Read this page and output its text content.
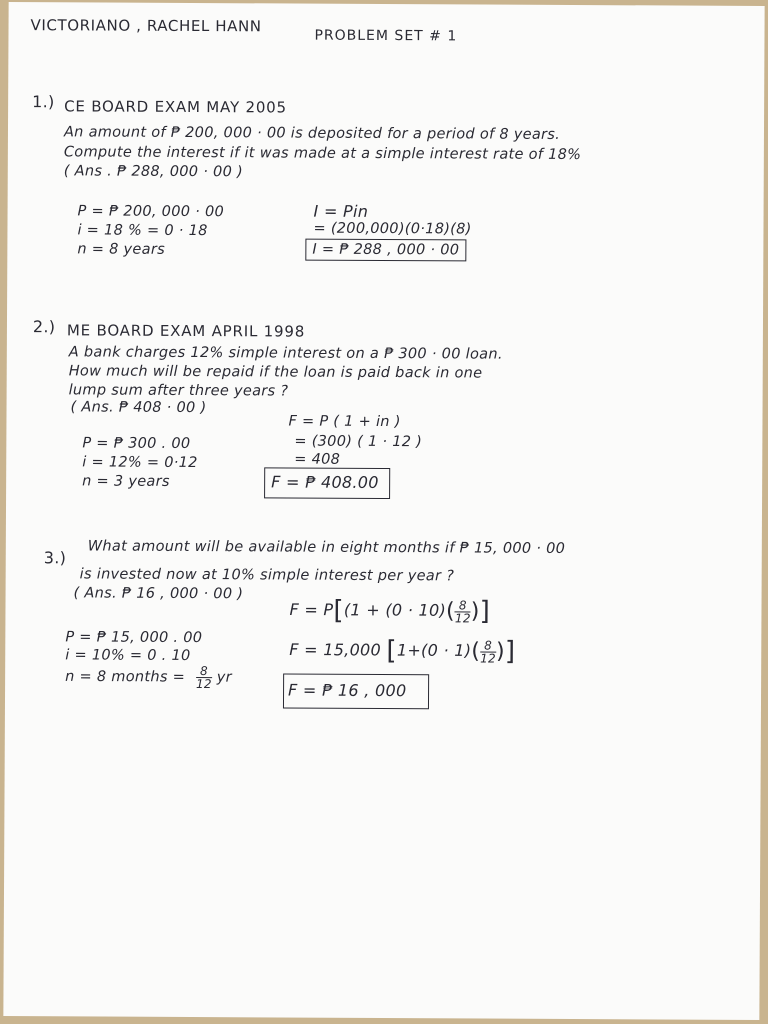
VICTORIANO , RACHEL HANN
PROBLEM SET # 1
1.) CE BOARD EXAM MAY 2005
An amount of ₱ 200, 000 · 00 is deposited for a period of 8 years.
Compute the interest if it was made at a simple interest rate of 18%
( Ans . ₱ 288, 000 · 00 )
P = ₱ 200, 000 · 00
i = 18 % = 0 · 18
n = 8 years
I = Pin
= (200,000)(0·18)(8)
I = ₱ 288 , 000 · 00
2.) ME BOARD EXAM APRIL 1998
A bank charges 12% simple interest on a ₱ 300 · 00 loan.
How much will be repaid if the loan is paid back in one
lump sum after three years ?
( Ans. ₱ 408 · 00 )
F = P ( 1 + in )
= (300) ( 1 · 12 )
= 408
P = ₱ 300 . 00
i = 12% = 0·12
n = 3 years	F = ₱ 408.00
3.)
What amount will be available in eight months if ₱ 15, 000 · 00
is invested now at 10% simple interest per year ?
( Ans. ₱ 16 , 000 · 00 )
$F = P[(1 + (0 \cdot 10)( \frac{8}{12}$ )]
F = 15,000 [$1+(0 \cdot 1)( \frac{8}{12}$ )]
P = ₱ 15, 000 . 00
i = 10% = 0 . 10
n = 8 months = $\frac{8}{12}$ yr
F = ₱ 16 , 000
